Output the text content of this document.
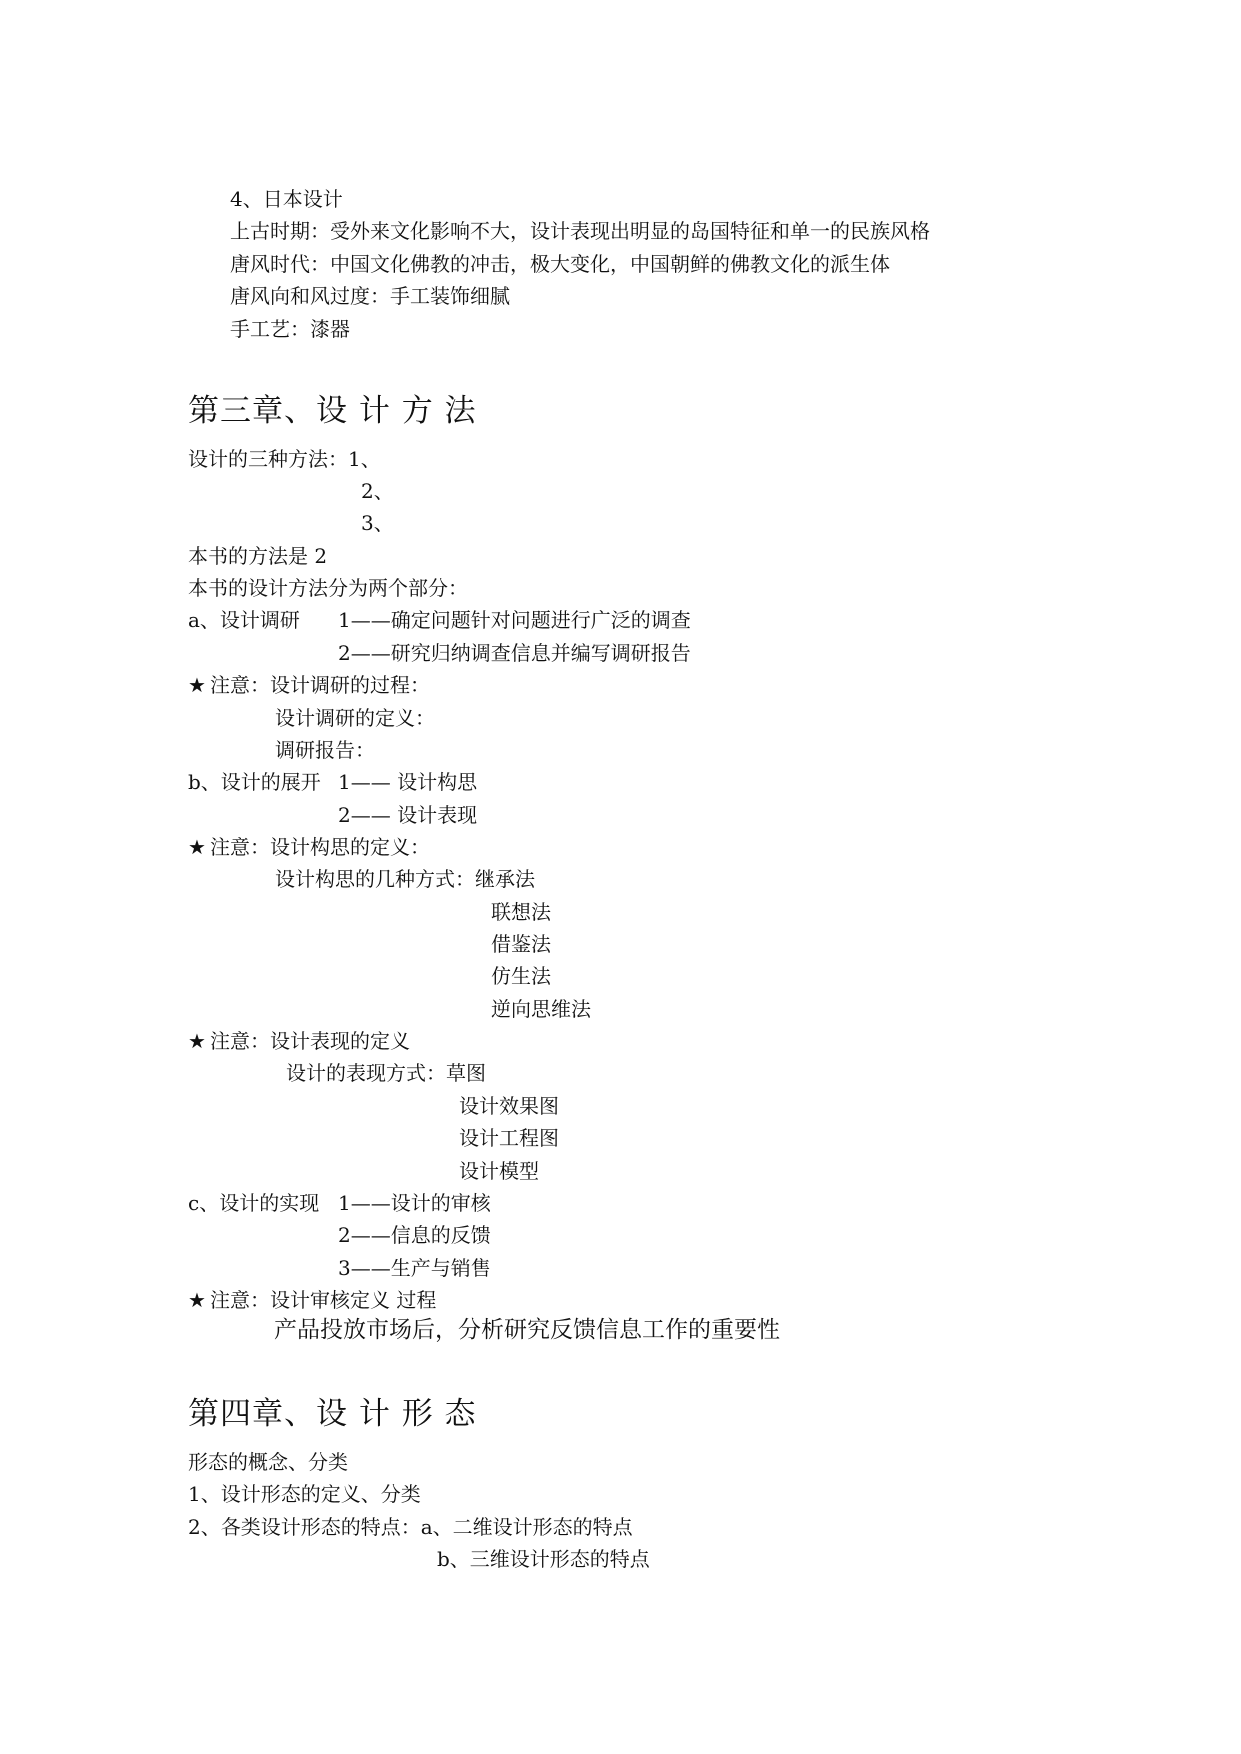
4、日本设计
上古时期：受外来文化影响不大，设计表现出明显的岛国特征和单一的民族风格
唐风时代：中国文化佛教的冲击，极大变化，中国朝鲜的佛教文化的派生体
唐风向和风过度：手工装饰细腻
手工艺：漆器
第三章、设 计 方 法
设计的三种方法：1、
2、
3、
本书的方法是 2
本书的设计方法分为两个部分：
a、设计调研 1——确定问题针对问题进行广泛的调查
2——研究归纳调查信息并编写调研报告
★ 注意：设计调研的过程：
设计调研的定义：
调研报告：
b、设计的展开 1—— 设计构思
2—— 设计表现
★ 注意：设计构思的定义：
设计构思的几种方式：继承法
联想法
借鉴法
仿生法
逆向思维法
★ 注意：设计表现的定义
设计的表现方式：草图
设计效果图
设计工程图
设计模型
c、设计的实现 1——设计的审核
2——信息的反馈
3——生产与销售
★ 注意：设计审核定义 过程
产品投放市场后，分析研究反馈信息工作的重要性
第四章、设 计 形 态
形态的概念、分类
1、设计形态的定义、分类
2、各类设计形态的特点：a、二维设计形态的特点
b、三维设计形态的特点
